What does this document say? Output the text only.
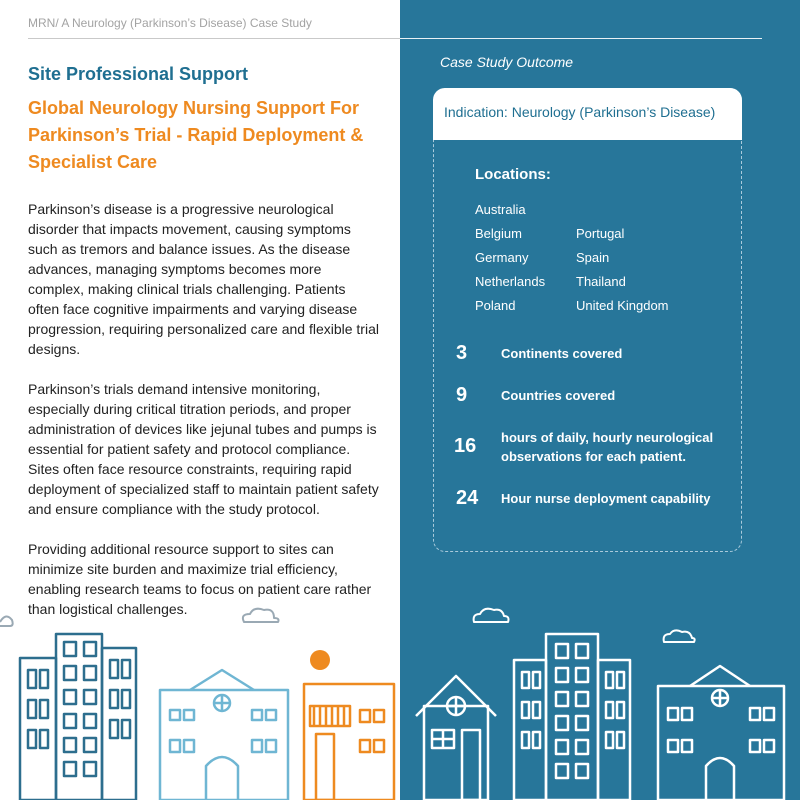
MRN/ A Neurology (Parkinson’s Disease) Case Study
Site Professional Support
Global Neurology Nursing Support For Parkinson’s Trial - Rapid Deployment & Specialist Care

Parkinson’s disease is a progressive neurological disorder that impacts movement, causing symptoms such as tremors and balance issues. As the disease advances, managing symptoms becomes more complex, making clinical trials challenging. Patients often face cognitive impairments and varying disease progression, requiring personalized care and flexible trial designs.

Parkinson’s trials demand intensive monitoring, especially during critical titration periods, and proper administration of devices like jejunal tubes and pumps is essential for patient safety and protocol compliance. Sites often face resource constraints, requiring rapid deployment of specialized staff to maintain patient safety and ensure compliance with the study protocol.

Providing additional resource support to sites can minimize site burden and maximize trial efficiency, enabling research teams to focus on patient care rather than logistical challenges.

Case Study Outcome
Indication: Neurology (Parkinson’s Disease)
Locations:
Australia
Belgium
Germany
Netherlands
Poland
Portugal
Spain
Thailand
United Kingdom
3	Continents covered
9	Countries covered
16 hours of daily, hourly neurological
observations for each patient.
24 Hour nurse deployment capability
